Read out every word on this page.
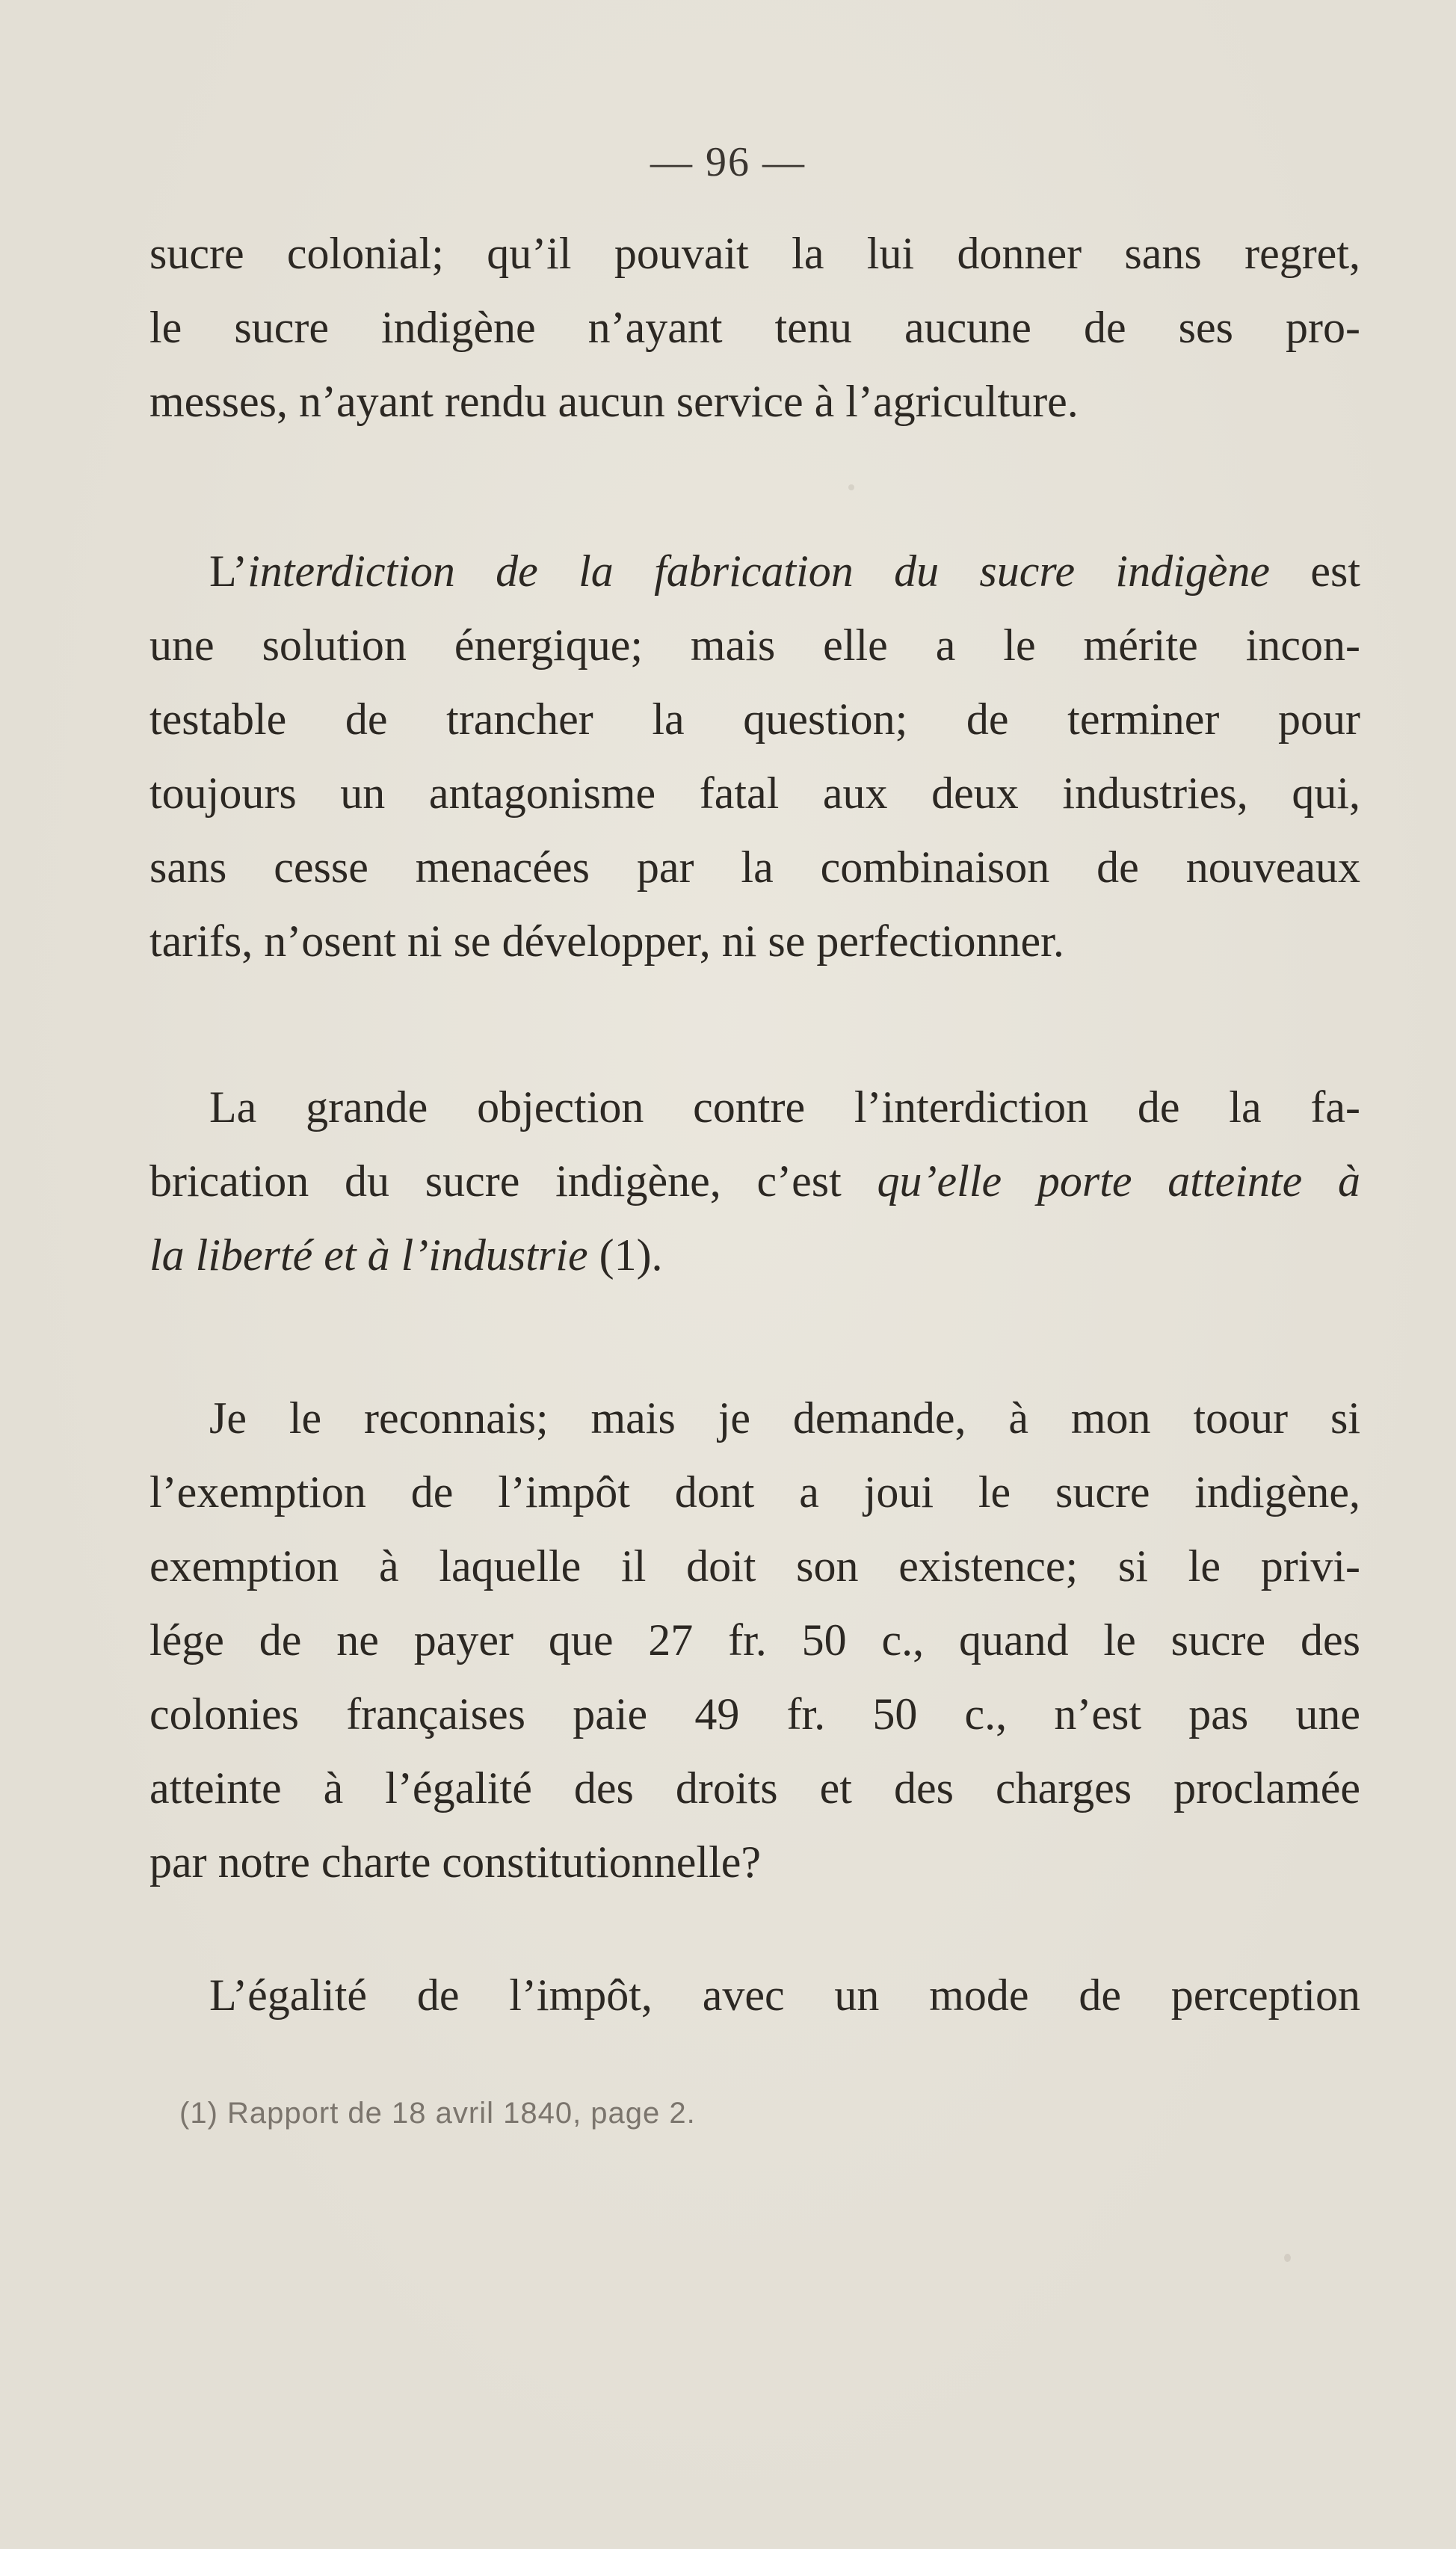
— 96 —

sucre colonial; qu’il pouvait la lui donner sans regret,

le sucre indigène n’ayant tenu aucune de ses pro-

messes, n’ayant rendu aucun service à l’agriculture.

L’interdiction de la fabrication du sucre indigène est

une solution énergique; mais elle a le mérite incon-

testable de trancher la question; de terminer pour

toujours un antagonisme fatal aux deux industries, qui,

sans cesse menacées par la combinaison de nouveaux

tarifs, n’osent ni se développer, ni se perfectionner.

La grande objection contre l’interdiction de la fa-

brication du sucre indigène, c’est qu’elle porte atteinte à

la liberté et à l’industrie (1).

Je le reconnais; mais je demande, à mon toour si

l’exemption de l’impôt dont a joui le sucre indigène,

exemption à laquelle il doit son existence; si le privi-

lége de ne payer que 27 fr. 50 c., quand le sucre des

colonies françaises paie 49 fr. 50 c., n’est pas une

atteinte à l’égalité des droits et des charges proclamée

par notre charte constitutionnelle?

L’égalité de l’impôt, avec un mode de perception

(1) Rapport de 18 avril 1840, page 2.
